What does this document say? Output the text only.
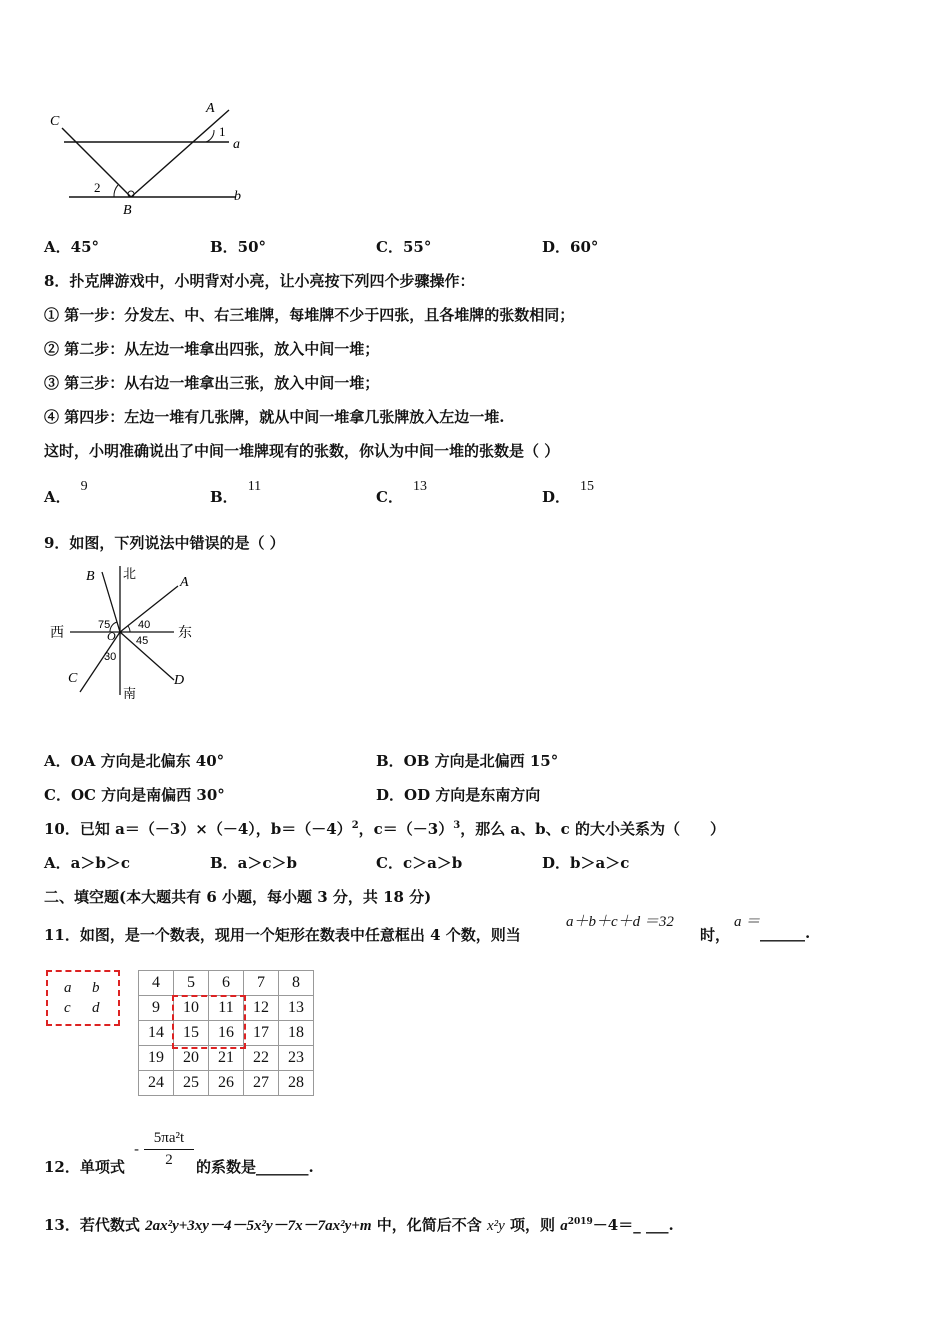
C
A
1
a
2
b
B
A．45°	B．50°	C．55°	D．60°
8．扑克牌游戏中，小明背对小亮，让小亮按下列四个步骤操作：
① 第一步：分发左、中、右三堆牌，每堆牌不少于四张，且各堆牌的张数相同；
② 第二步：从左边一堆拿出四张，放入中间一堆；
③ 第三步：从右边一堆拿出三张，放入中间一堆；
④ 第四步：左边一堆有几张牌，就从中间一堆拿几张牌放入左边一堆.
这时，小明准确说出了中间一堆牌现有的张数，你认为中间一堆的张数是（ ）
A．9
B．11
C．13
D．15
9．如图，下列说法中错误的是（ ）
B 北
A
西	东
75	40
O 45
30
C	D
南
A．OA 方向是北偏东 40°	B．OB 方向是北偏西 15°
C．OC 方向是南偏西 30°	D．OD 方向是东南方向
10．已知 a＝（－3）×（－4），$b=(-4)^2$，$c=(-3)^3$，那么 a、b、c 的大小关系为（　　）
A．a＞b＞c	B．a＞c＞b	C．c＞a＞b	D．b＞a＞c
二、填空题(本大题共有 6 小题，每小题 3 分，共 18 分)
11．如图，是一个数表，现用一个矩形在数表中任意框出 4 个数，则当
a＋b＋c＋d ＝32
时，
a ＝
______.
a b
c d
4	5	6	7	8
9	10	11	12	13
14	15	16	17	18
19	20	21	22	23
24	25	26	27	28
12．单项式
- $\frac{\text{5πa²t}}{2}$ 的系数是_______.
13．若代数式 2ax²y+3xy－4－5x²y－7x－7ax²y+m 中，化简后不含 x²y 项，则 $a^{2019}-4=\_$ ___.
